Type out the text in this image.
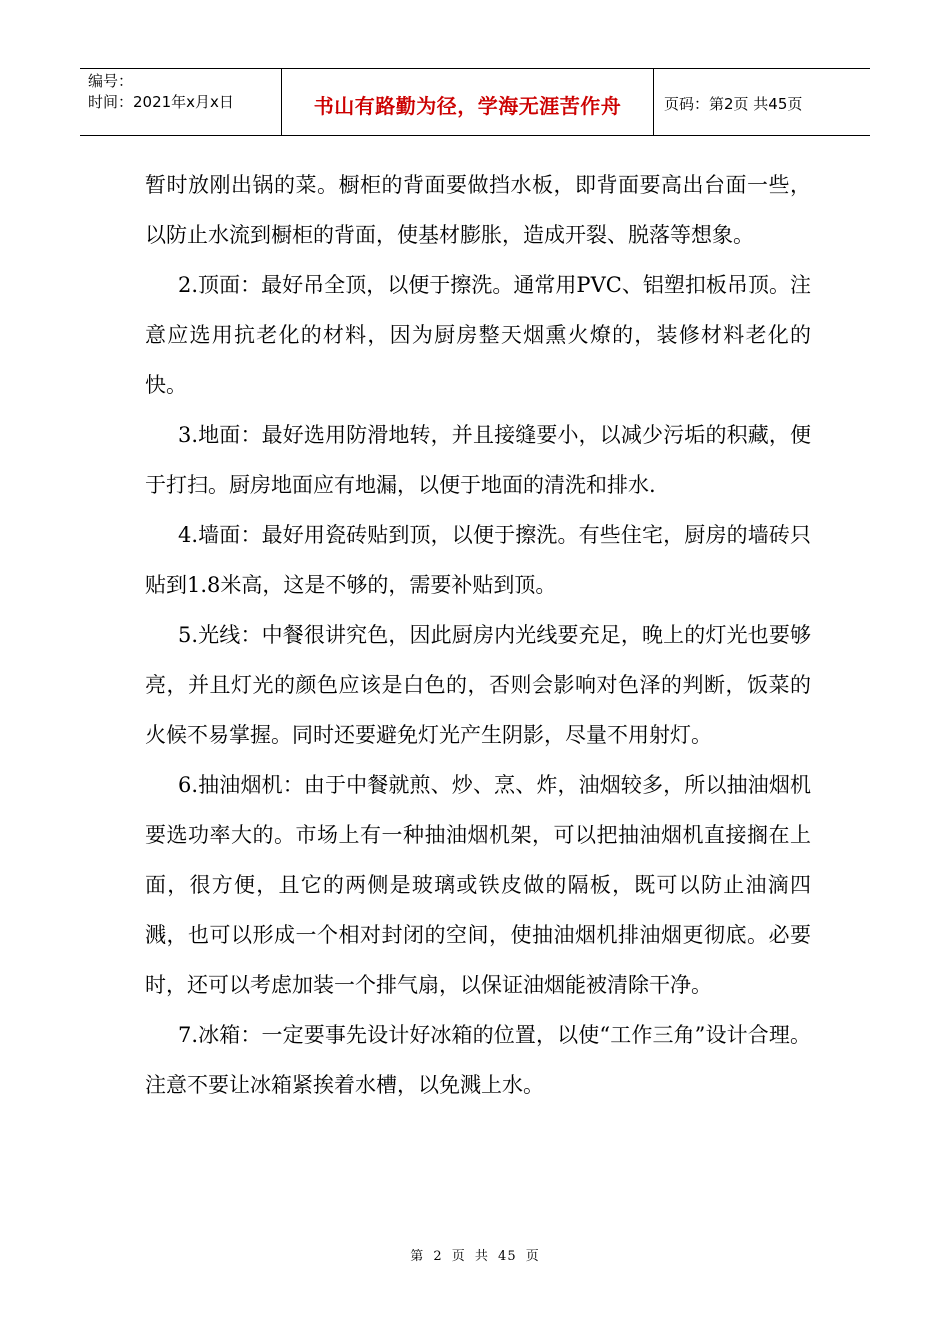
编号：
时间：2021年x月x日	书山有路勤为径，学海无涯苦作舟	页码：第2页 共45页

暂时放刚出锅的菜。橱柜的背面要做挡水板，即背面要高出台面一些，以防止水流到橱柜的背面，使基材膨胀，造成开裂、脱落等想象。

2.顶面：最好吊全顶，以便于擦洗。通常用PVC、铝塑扣板吊顶。注意应选用抗老化的材料，因为厨房整天烟熏火燎的，装修材料老化的快。

3.地面：最好选用防滑地转，并且接缝要小，以减少污垢的积藏，便于打扫。厨房地面应有地漏，以便于地面的清洗和排水.

4.墙面：最好用瓷砖贴到顶，以便于擦洗。有些住宅，厨房的墙砖只贴到1.8米高，这是不够的，需要补贴到顶。

5.光线：中餐很讲究色，因此厨房内光线要充足，晚上的灯光也要够亮，并且灯光的颜色应该是白色的，否则会影响对色泽的判断，饭菜的火候不易掌握。同时还要避免灯光产生阴影，尽量不用射灯。

6.抽油烟机：由于中餐就煎、炒、烹、炸，油烟较多，所以抽油烟机要选功率大的。市场上有一种抽油烟机架，可以把抽油烟机直接搁在上面，很方便，且它的两侧是玻璃或铁皮做的隔板，既可以防止油滴四溅，也可以形成一个相对封闭的空间，使抽油烟机排油烟更彻底。必要时，还可以考虑加装一个排气扇，以保证油烟能被清除干净。

7.冰箱：一定要事先设计好冰箱的位置，以使“工作三角”设计合理。注意不要让冰箱紧挨着水槽，以免溅上水。

第 2 页 共 45 页
